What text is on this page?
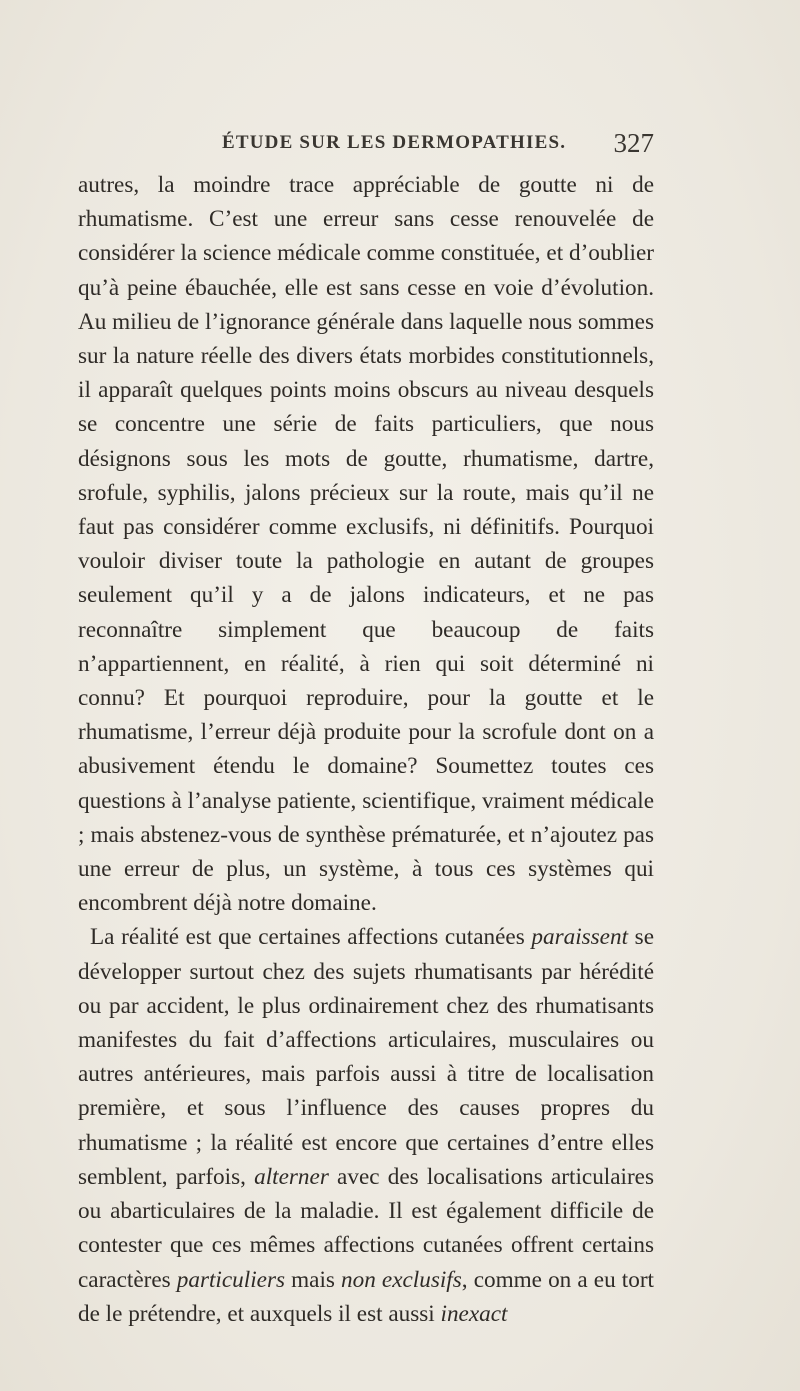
ÉTUDE SUR LES DERMOPATHIES. 327

autres, la moindre trace appréciable de goutte ni de rhumatisme. C’est une erreur sans cesse renouvelée de considérer la science médicale comme constituée, et d’oublier qu’à peine ébauchée, elle est sans cesse en voie d’évolution. Au milieu de l’ignorance générale dans laquelle nous sommes sur la nature réelle des divers états morbides constitutionnels, il apparaît quelques points moins obscurs au niveau desquels se concentre une série de faits particuliers, que nous désignons sous les mots de goutte, rhumatisme, dartre, srofule, syphilis, jalons précieux sur la route, mais qu’il ne faut pas considérer comme exclusifs, ni définitifs. Pourquoi vouloir diviser toute la pathologie en autant de groupes seulement qu’il y a de jalons indicateurs, et ne pas reconnaître simplement que beaucoup de faits n’appartiennent, en réalité, à rien qui soit déterminé ni connu? Et pourquoi reproduire, pour la goutte et le rhumatisme, l’erreur déjà produite pour la scrofule dont on a abusivement étendu le domaine? Soumettez toutes ces questions à l’analyse patiente, scientifique, vraiment médicale ; mais abstenez-vous de synthèse prématurée, et n’ajoutez pas une erreur de plus, un système, à tous ces systèmes qui encombrent déjà notre domaine.

La réalité est que certaines affections cutanées paraissent se développer surtout chez des sujets rhumatisants par hérédité ou par accident, le plus ordinairement chez des rhumatisants manifestes du fait d’affections articulaires, musculaires ou autres antérieures, mais parfois aussi à titre de localisation première, et sous l’influence des causes propres du rhumatisme ; la réalité est encore que certaines d’entre elles semblent, parfois, alterner avec des localisations articulaires ou abarticulaires de la maladie. Il est également difficile de contester que ces mêmes affections cutanées offrent certains caractères particuliers mais non exclusifs, comme on a eu tort de le prétendre, et auxquels il est aussi inexact
